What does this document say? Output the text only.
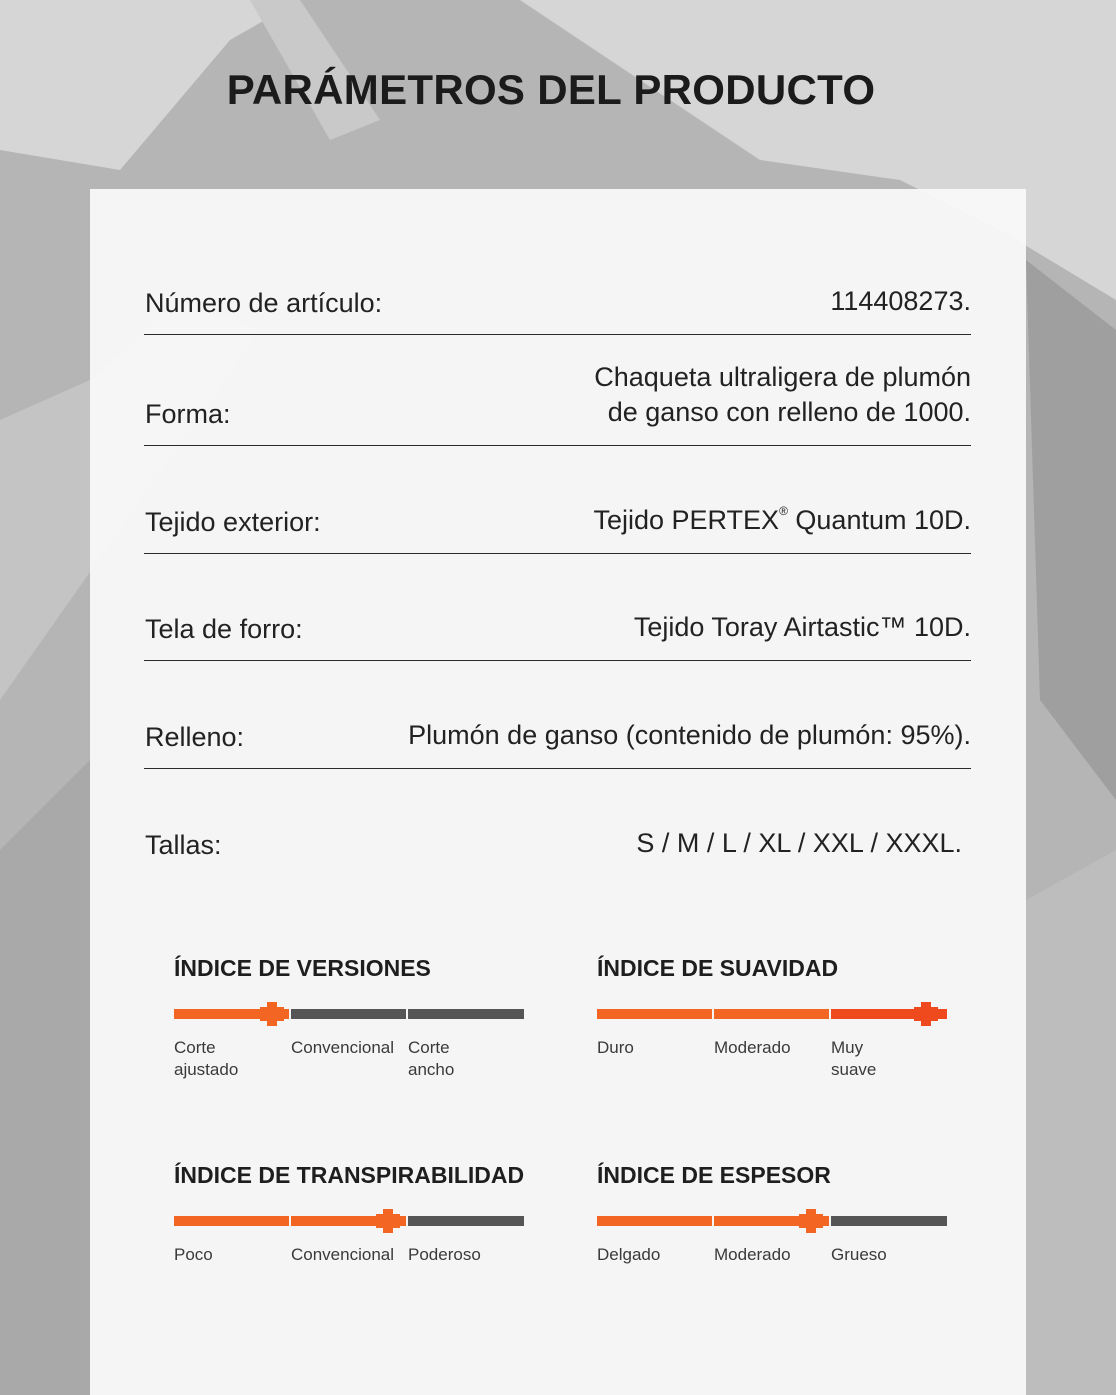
PARÁMETROS DEL PRODUCTO
Número de artículo:	114408273.
Forma:
Chaqueta ultraligera de plumón
de ganso con relleno de 1000.
Tejido exterior:	Tejido PERTEX® Quantum 10D.
Tela de forro:	Tejido Toray Airtastic™ 10D.
Relleno:	Plumón de ganso (contenido de plumón: 95%).
Tallas:	S / M / L / XL / XXL / XXXL.
ÍNDICE DE VERSIONES
Corte
ajustado
Convencional Corte
ancho
ÍNDICE DE SUAVIDAD
Duro	Moderado	Muy
suave
ÍNDICE DE TRANSPIRABILIDAD
Poco	Convencional Poderoso
ÍNDICE DE ESPESOR
Delgado	Moderado	Grueso
